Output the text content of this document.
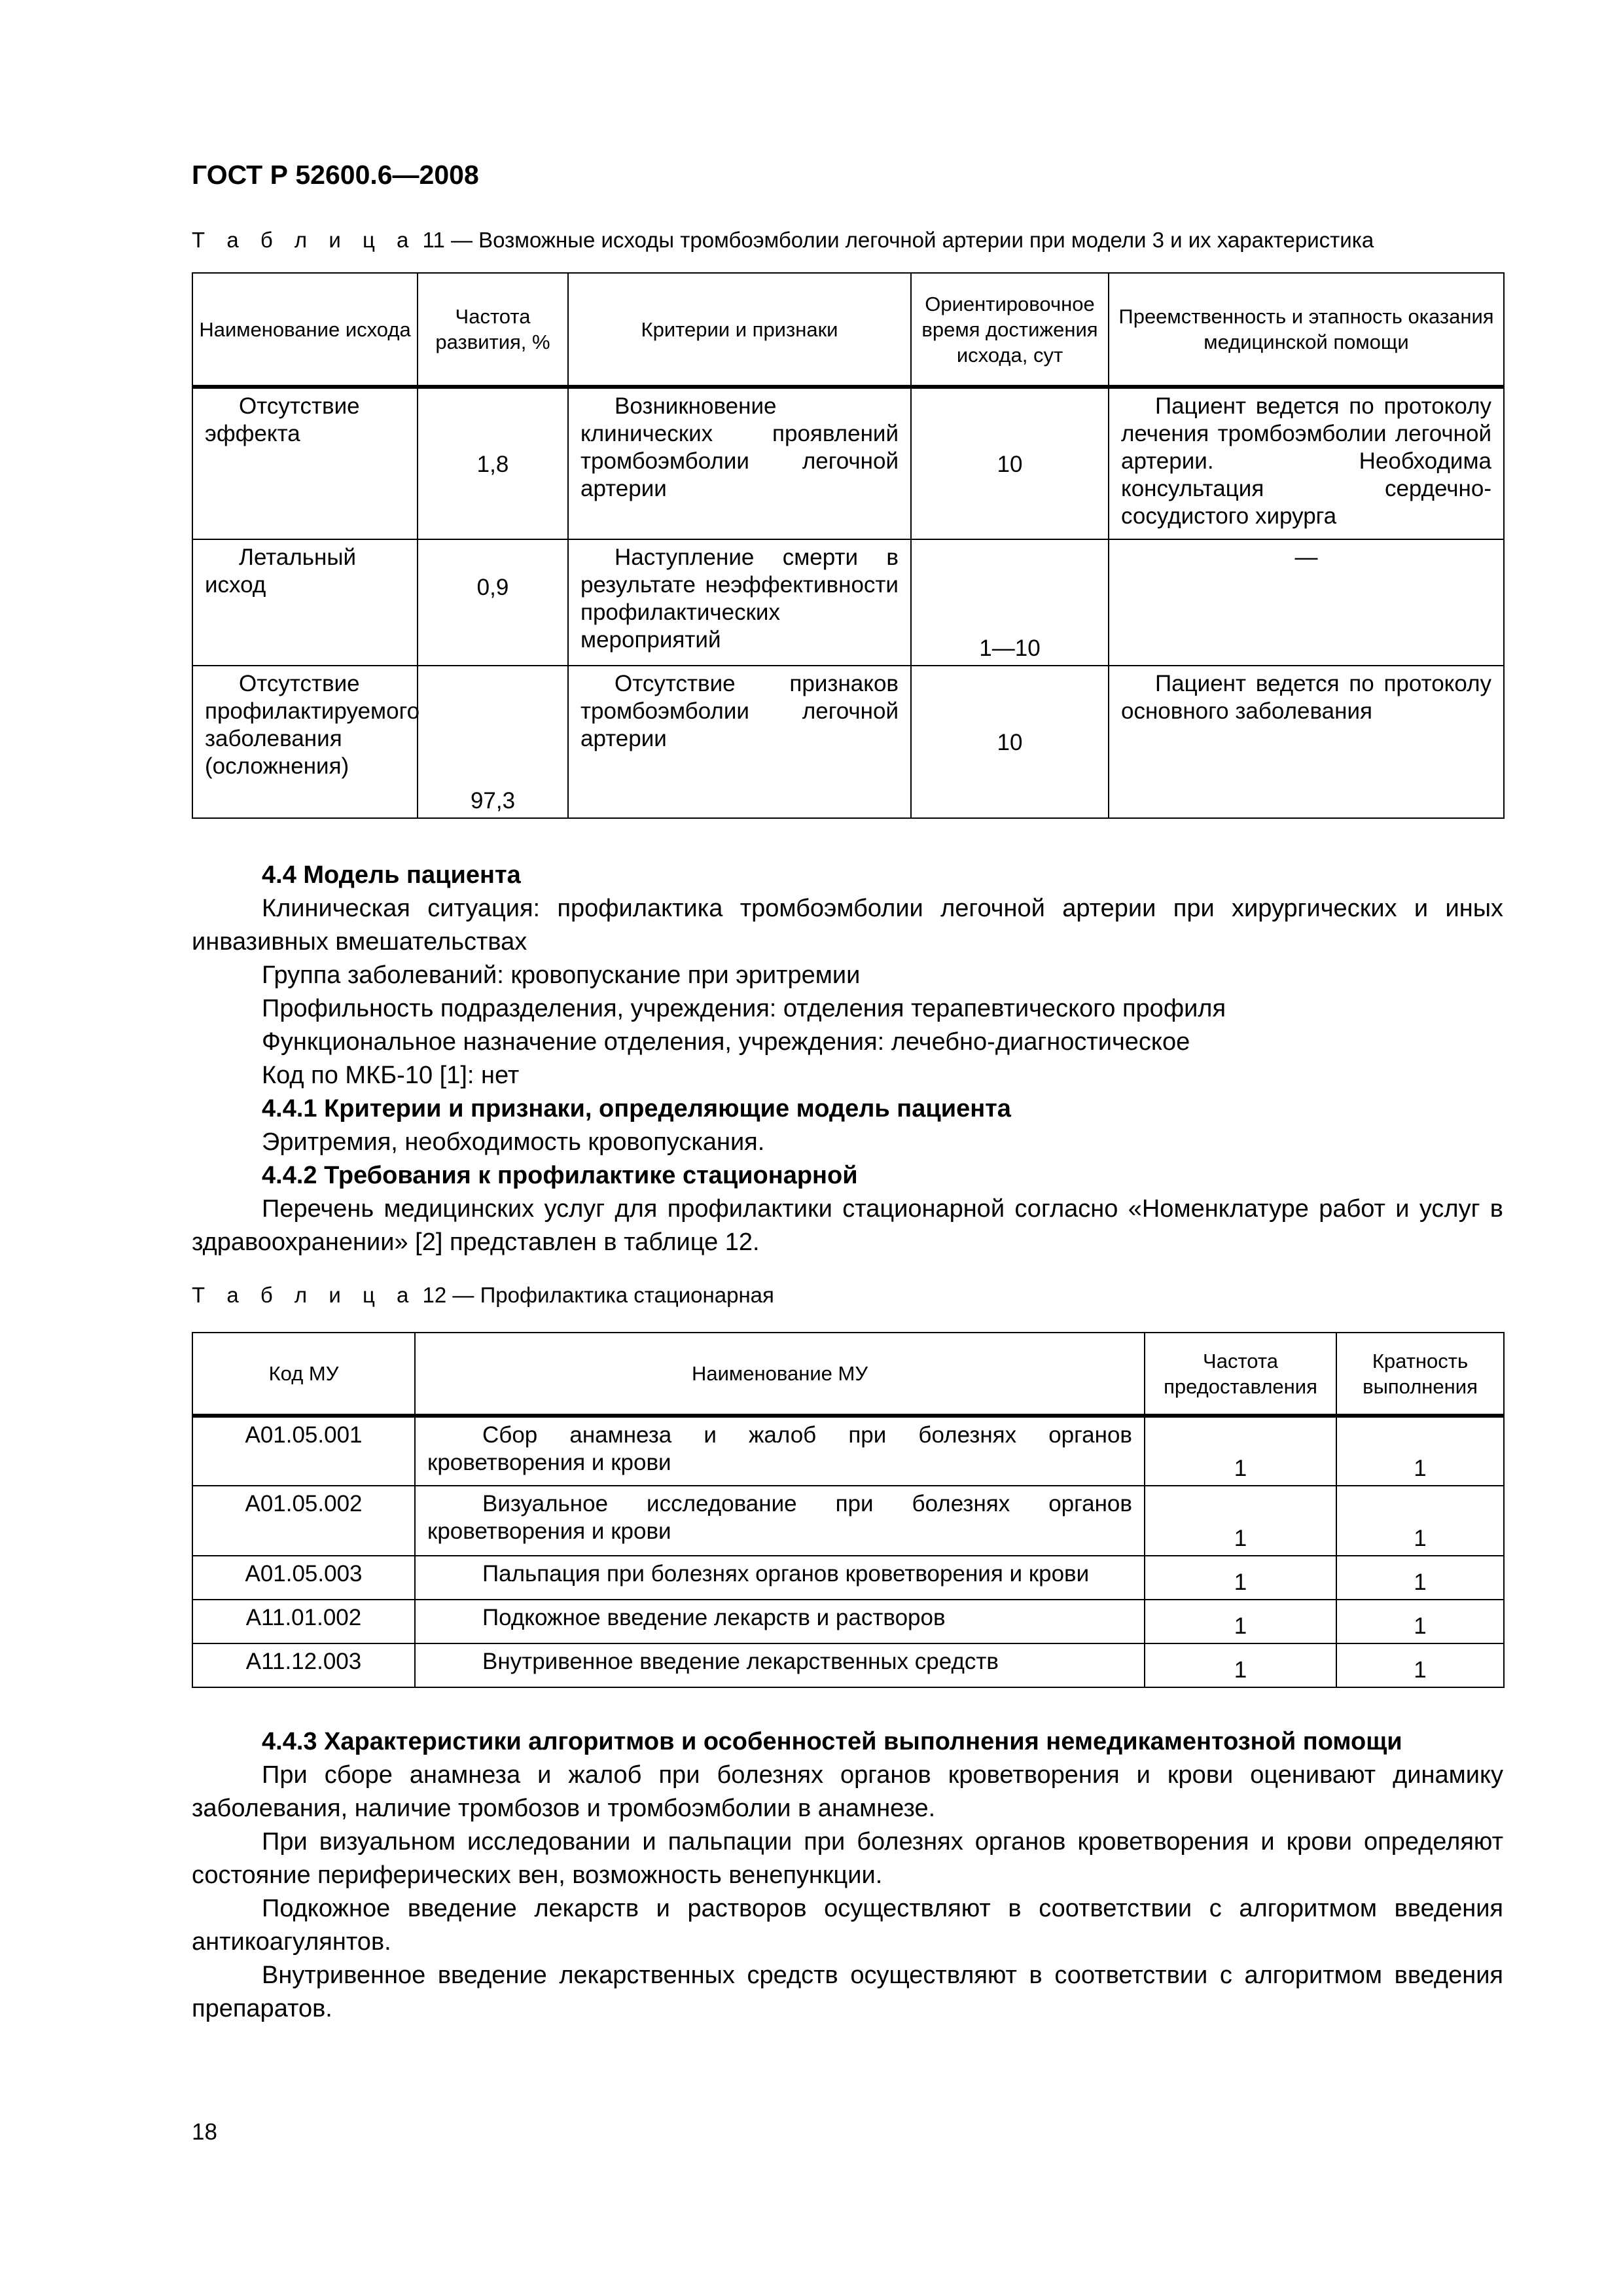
ГОСТ Р 52600.6—2008
Т а б л и ц а 11 — Возможные исходы тромбоэмболии легочной артерии при модели 3 и их характеристика
Наименование исхода	Частота развития, %	Критерии и признаки	Ориентировочное время достижения исхода, сут	Преемственность и этапность оказания медицинской помощи

Отсутствие эффекта	1,8	Возникновение клинических проявлений тромбоэмболии легочной артерии	10	Пациент ведется по протоколу лечения тромбоэмболии легочной артерии. Необходима консультация сердечно-сосудистого хирурга

Летальный исход	0,9	Наступление смерти в результате неэффективности профилактических мероприятий	1—10	—

Отсутствие профилактируемого заболевания (осложнения)	97,3	Отсутствие признаков тромбоэмболии легочной артерии	10	Пациент ведется по протоколу основного заболевания

4.4 Модель пациента

Клиническая ситуация: профилактика тромбоэмболии легочной артерии при хирургических и иных инвазивных вмешательствах

Группа заболеваний: кровопускание при эритремии

Профильность подразделения, учреждения: отделения терапевтического профиля

Функциональное назначение отделения, учреждения: лечебно-диагностическое

Код по МКБ-10 [1]: нет

4.4.1 Критерии и признаки, определяющие модель пациента

Эритремия, необходимость кровопускания.

4.4.2 Требования к профилактике стационарной

Перечень медицинских услуг для профилактики стационарной согласно «Номенклатуре работ и услуг в здравоохранении» [2] представлен в таблице 12.

Т а б л и ц а 12 — Профилактика стационарная
Код МУ	Наименование МУ	Частота предоставления	Кратность выполнения
A01.05.001	Сбор анамнеза и жалоб при болезнях органов кроветворения и крови	1	1
A01.05.002	Визуальное исследование при болезнях органов кроветворения и крови	1	1
A01.05.003	Пальпация при болезнях органов кроветворения и крови	1	1
A11.01.002	Подкожное введение лекарств и растворов	1	1
A11.12.003	Внутривенное введение лекарственных средств	1	1

4.4.3 Характеристики алгоритмов и особенностей выполнения немедикаментозной помощи

При сборе анамнеза и жалоб при болезнях органов кроветворения и крови оценивают динамику заболевания, наличие тромбозов и тромбоэмболии в анамнезе.

При визуальном исследовании и пальпации при болезнях органов кроветворения и крови определяют состояние периферических вен, возможность венепункции.

Подкожное введение лекарств и растворов осуществляют в соответствии с алгоритмом введения антикоагулянтов.

Внутривенное введение лекарственных средств осуществляют в соответствии с алгоритмом введения препаратов.

18
